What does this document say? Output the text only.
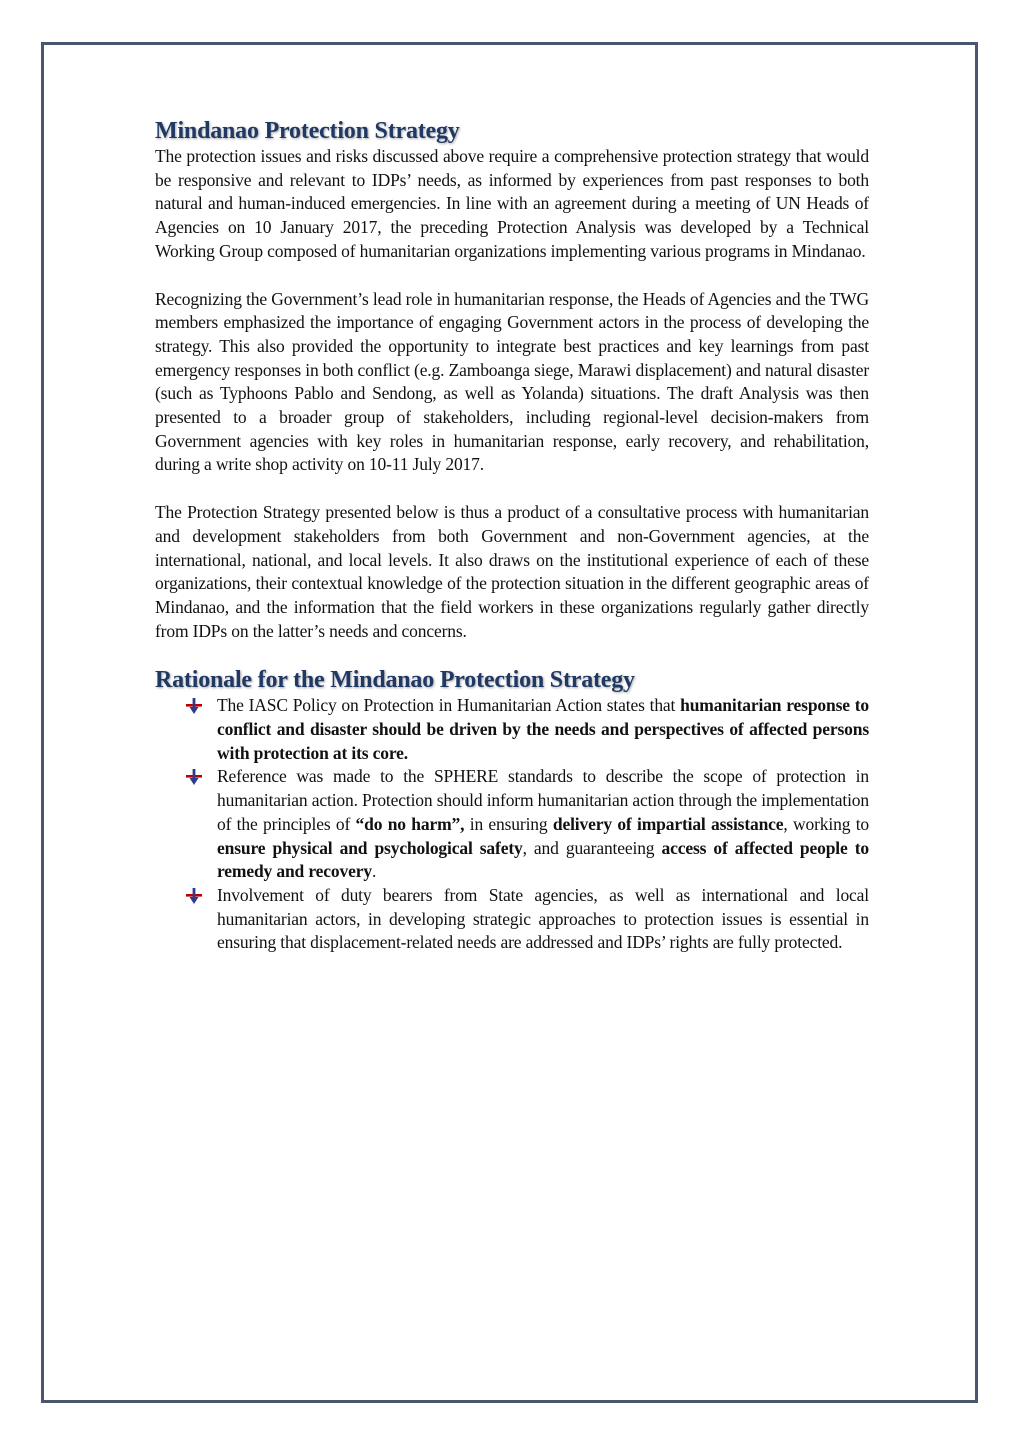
Mindanao Protection Strategy

The protection issues and risks discussed above require a comprehensive protection strategy that would be responsive and relevant to IDPs’ needs, as informed by experiences from past responses to both natural and human-induced emergencies. In line with an agreement during a meeting of UN Heads of Agencies on 10 January 2017, the preceding Protection Analysis was developed by a Technical Working Group composed of humanitarian organizations implementing various programs in Mindanao.

Recognizing the Government’s lead role in humanitarian response, the Heads of Agencies and the TWG members emphasized the importance of engaging Government actors in the process of developing the strategy. This also provided the opportunity to integrate best practices and key learnings from past emergency responses in both conflict (e.g. Zamboanga siege, Marawi displacement) and natural disaster (such as Typhoons Pablo and Sendong, as well as Yolanda) situations. The draft Analysis was then presented to a broader group of stakeholders, including regional-level decision-makers from Government agencies with key roles in humanitarian response, early recovery, and rehabilitation, during a write shop activity on 10-11 July 2017.

The Protection Strategy presented below is thus a product of a consultative process with humanitarian and development stakeholders from both Government and non-Government agencies, at the international, national, and local levels. It also draws on the institutional experience of each of these organizations, their contextual knowledge of the protection situation in the different geographic areas of Mindanao, and the information that the field workers in these organizations regularly gather directly from IDPs on the latter’s needs and concerns.

Rationale for the Mindanao Protection Strategy
The IASC Policy on Protection in Humanitarian Action states that humanitarian response to conflict and disaster should be driven by the needs and perspectives of affected persons with protection at its core.
Reference was made to the SPHERE standards to describe the scope of protection in humanitarian action. Protection should inform humanitarian action through the implementation of the principles of “do no harm”, in ensuring delivery of impartial assistance, working to ensure physical and psychological safety, and guaranteeing access of affected people to remedy and recovery.
Involvement of duty bearers from State agencies, as well as international and local humanitarian actors, in developing strategic approaches to protection issues is essential in ensuring that displacement-related needs are addressed and IDPs’ rights are fully protected.
